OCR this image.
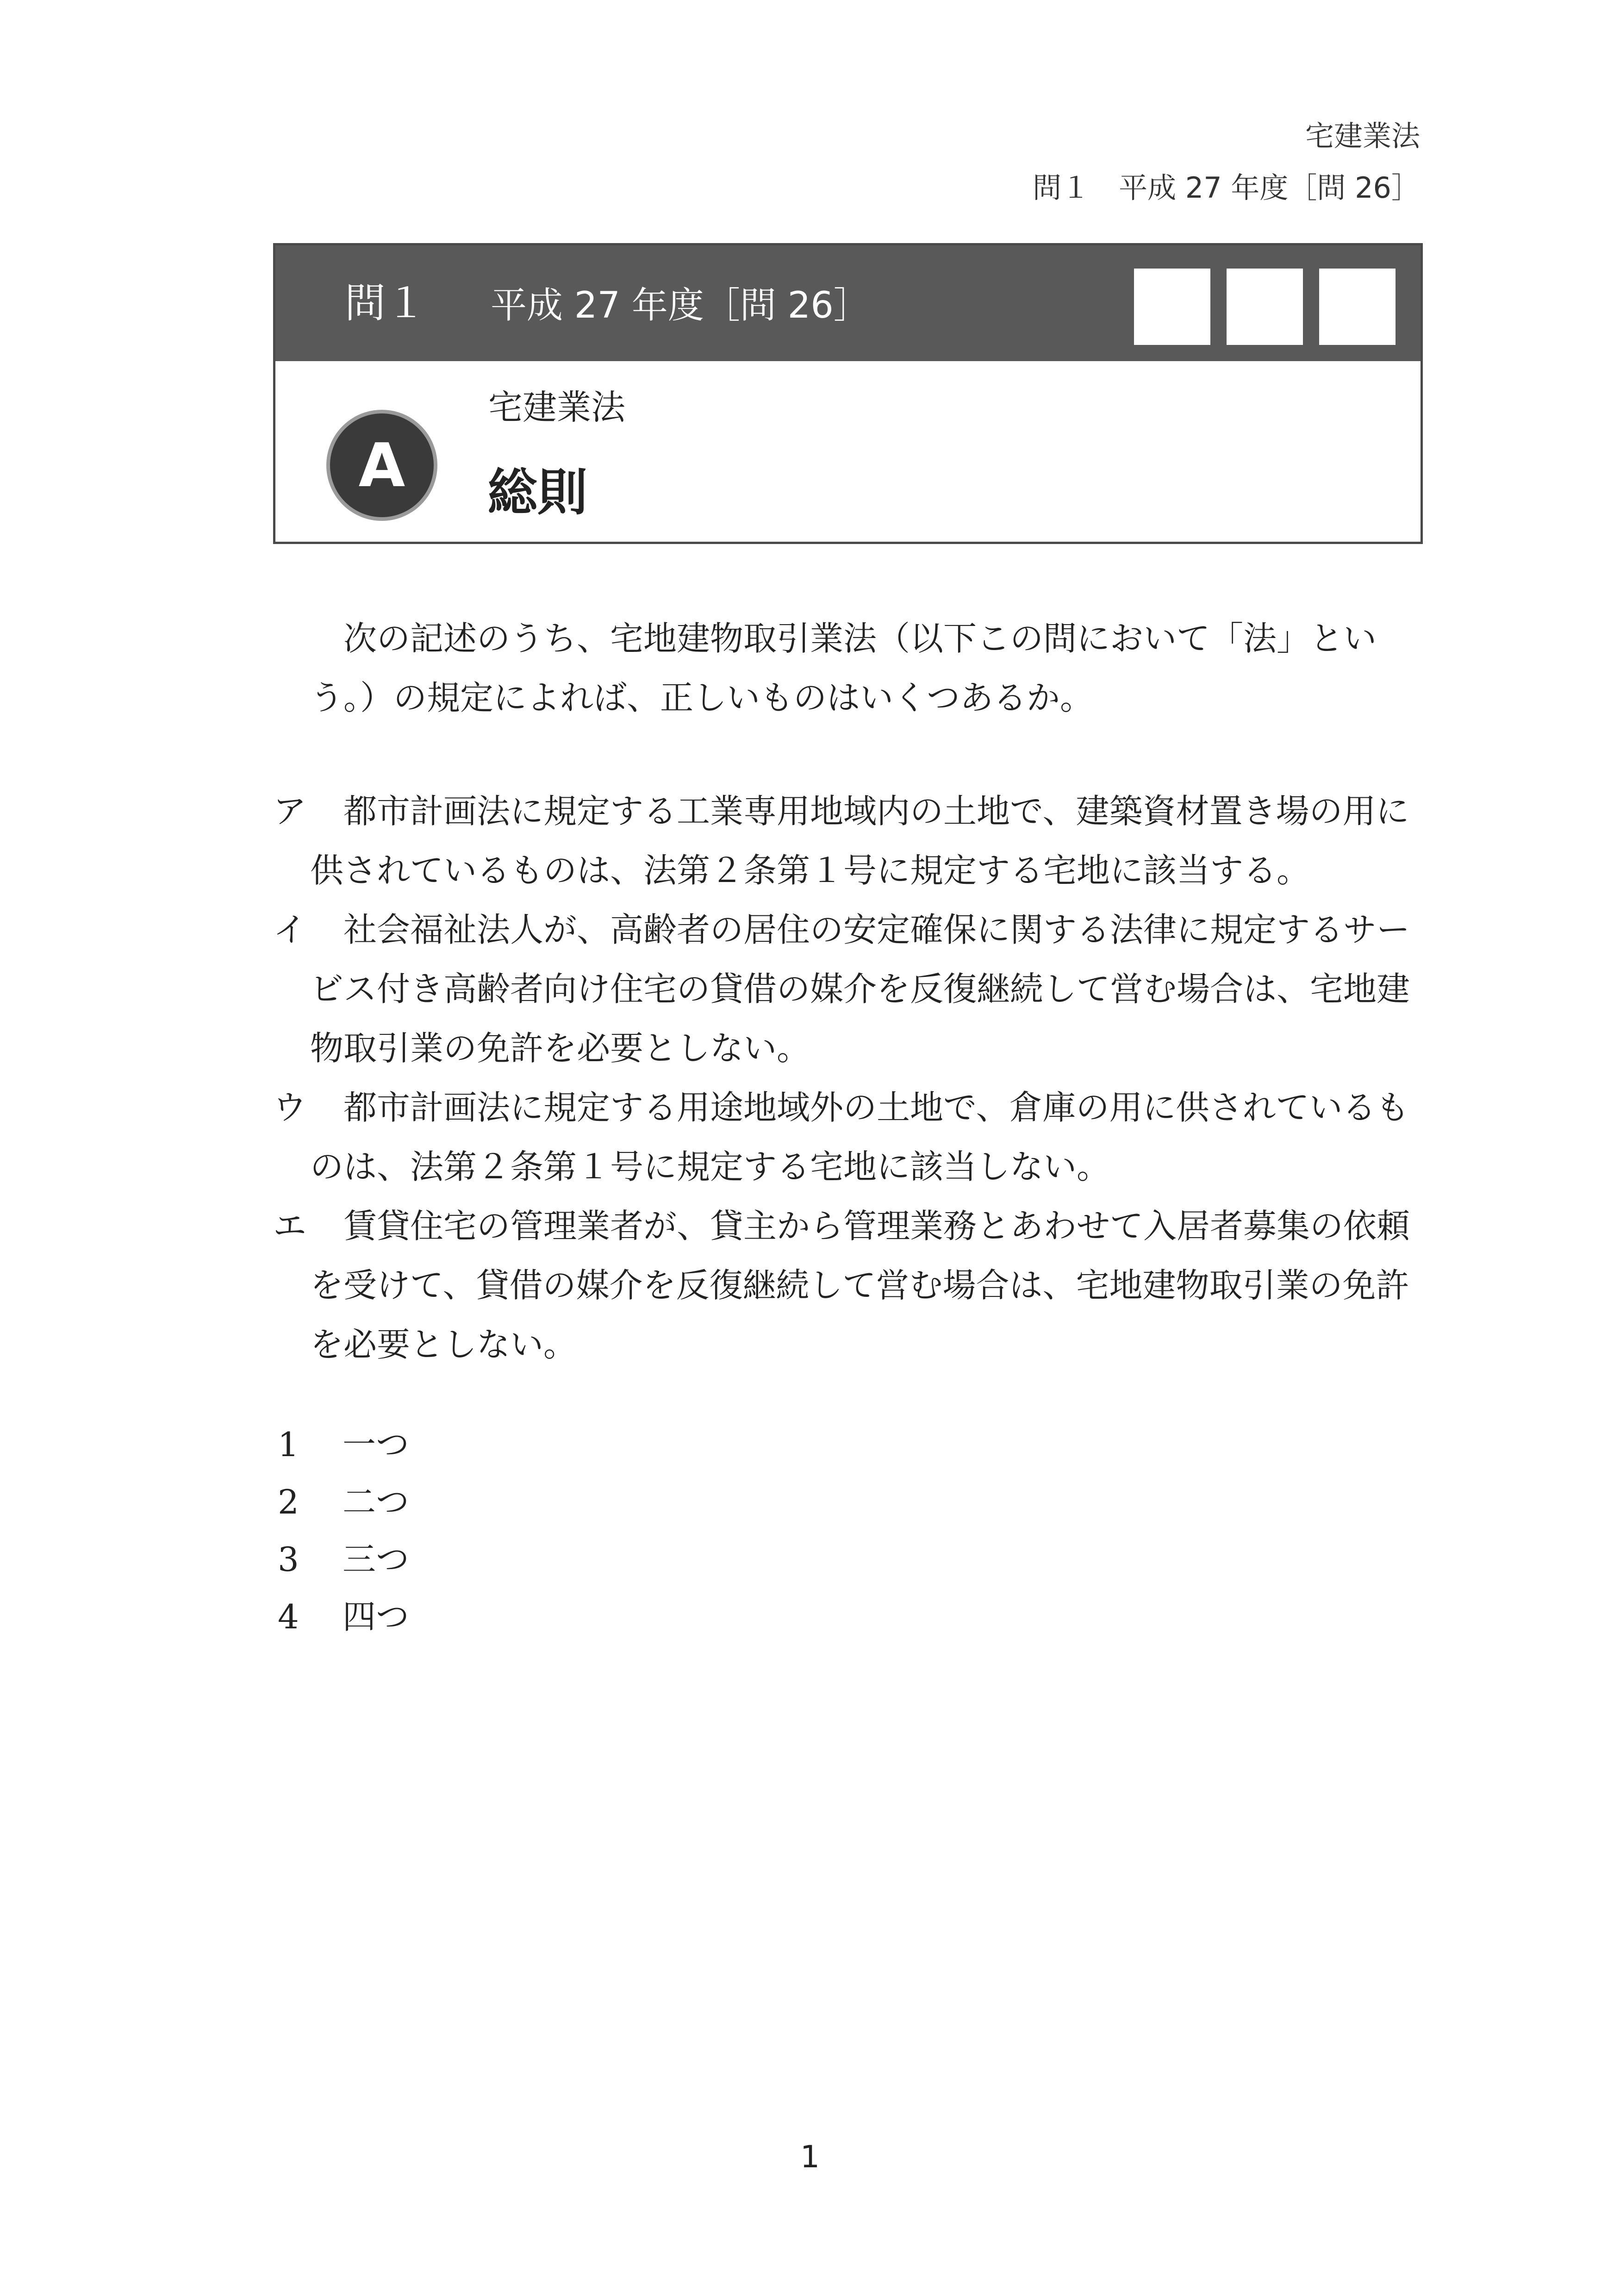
宅建業法
問１　平成 27 年度［問 26］
問１ 平成 27 年度［問 26］
A
宅建業法
総則
次の記述のうち、宅地建物取引業法（以下この問において「法」という。）の規定によれば、正しいものはいくつあるか。
ア	都市計画法に規定する工業専用地域内の土地で、建築資材置き場の用に供されているものは、法第２条第１号に規定する宅地に該当する。
イ	社会福祉法人が、高齢者の居住の安定確保に関する法律に規定するサービス付き高齢者向け住宅の貸借の媒介を反復継続して営む場合は、宅地建物取引業の免許を必要としない。
ウ	都市計画法に規定する用途地域外の土地で、倉庫の用に供されているものは、法第２条第１号に規定する宅地に該当しない。
エ	賃貸住宅の管理業者が、貸主から管理業務とあわせて入居者募集の依頼を受けて、貸借の媒介を反復継続して営む場合は、宅地建物取引業の免許を必要としない。
1	一つ
2	二つ
3	三つ
4	四つ
1
